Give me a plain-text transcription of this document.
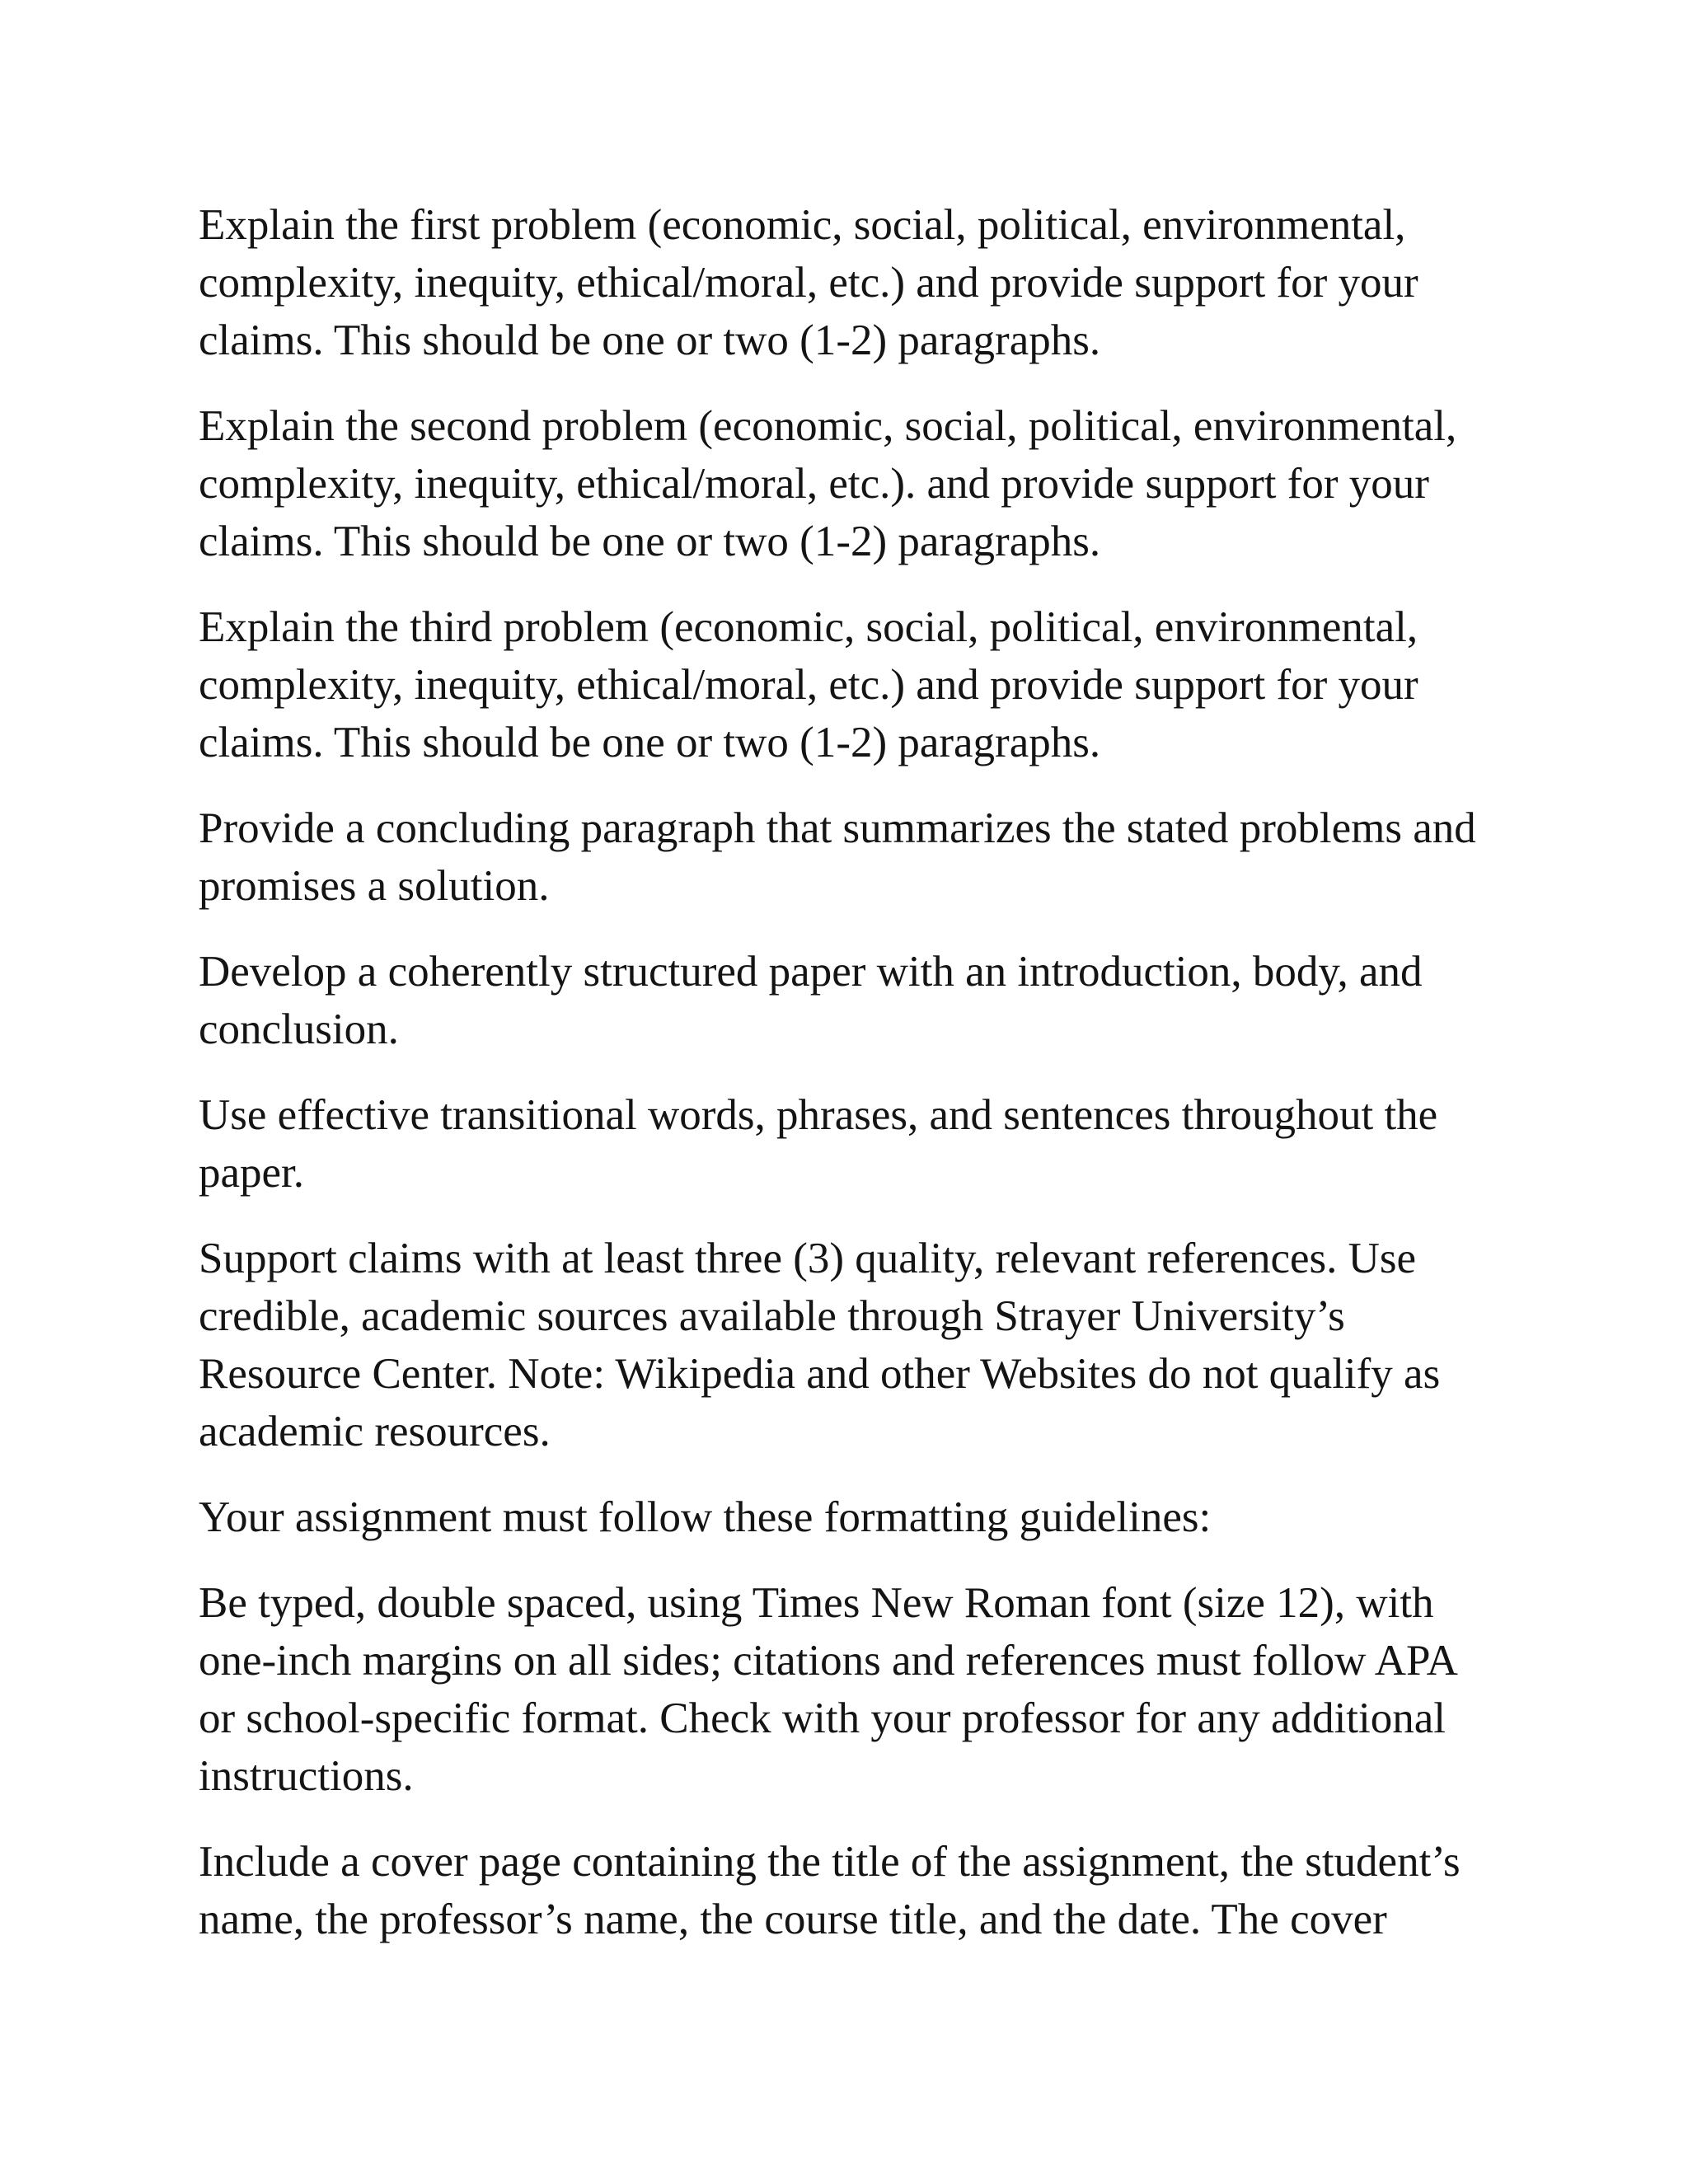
Explain the first problem (economic, social, political, environmental,
complexity, inequity, ethical/moral, etc.) and provide support for your
claims. This should be one or two (1-2) paragraphs.

Explain the second problem (economic, social, political, environmental,
complexity, inequity, ethical/moral, etc.). and provide support for your
claims. This should be one or two (1-2) paragraphs.

Explain the third problem (economic, social, political, environmental,
complexity, inequity, ethical/moral, etc.) and provide support for your
claims. This should be one or two (1-2) paragraphs.

Provide a concluding paragraph that summarizes the stated problems and
promises a solution.

Develop a coherently structured paper with an introduction, body, and
conclusion.

Use effective transitional words, phrases, and sentences throughout the
paper.

Support claims with at least three (3) quality, relevant references. Use
credible, academic sources available through Strayer University’s
Resource Center. Note: Wikipedia and other Websites do not qualify as
academic resources.

Your assignment must follow these formatting guidelines:

Be typed, double spaced, using Times New Roman font (size 12), with
one-inch margins on all sides; citations and references must follow APA
or school-specific format. Check with your professor for any additional
instructions.

Include a cover page containing the title of the assignment, the student’s
name, the professor’s name, the course title, and the date. The cover
